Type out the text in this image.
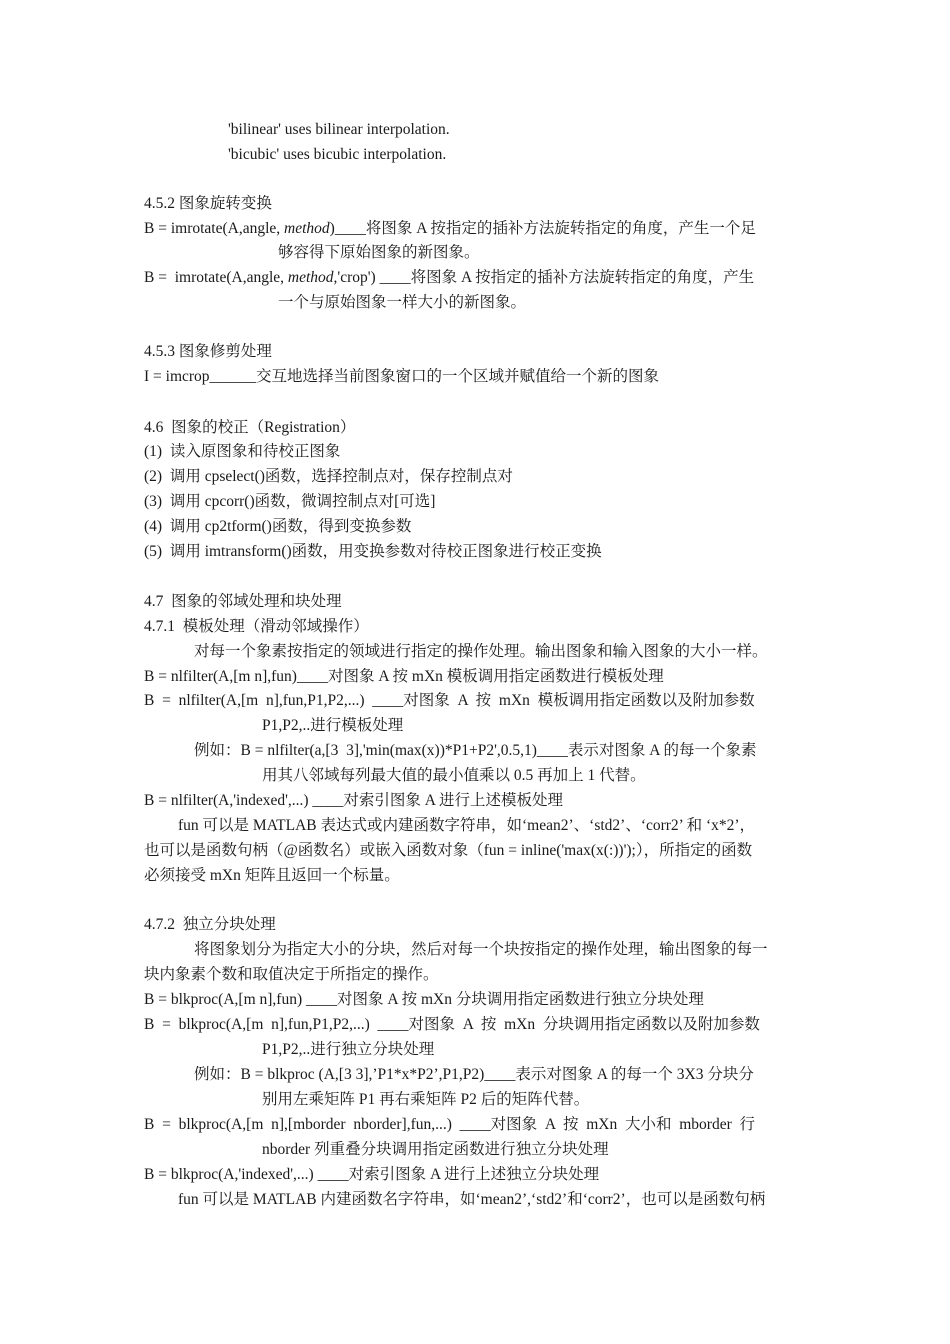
'bilinear' uses bilinear interpolation.
'bicubic' uses bicubic interpolation.
4.5.2 图象旋转变换
B = imrotate(A,angle, method)____将图象 A 按指定的插补方法旋转指定的角度，产生一个足
够容得下原始图象的新图象。
B =  imrotate(A,angle, method,'crop') ____将图象 A 按指定的插补方法旋转指定的角度，产生
一个与原始图象一样大小的新图象。
4.5.3 图象修剪处理
I = imcrop______交互地选择当前图象窗口的一个区域并赋值给一个新的图象
4.6  图象的校正（Registration）
(1)  读入原图象和待校正图象
(2)  调用 cpselect()函数，选择控制点对，保存控制点对
(3)  调用 cpcorr()函数，微调控制点对[可选]
(4)  调用 cp2tform()函数，得到变换参数
(5)  调用 imtransform()函数，用变换参数对待校正图象进行校正变换
4.7  图象的邻域处理和块处理
4.7.1  模板处理（滑动邻域操作）
对每一个象素按指定的领域进行指定的操作处理。输出图象和输入图象的大小一样。
B = nlfilter(A,[m n],fun)____对图象 A 按 mXn 模板调用指定函数进行模板处理
B  =  nlfilter(A,[m  n],fun,P1,P2,...)  ____对图象  A  按  mXn  模板调用指定函数以及附加参数
P1,P2,..进行模板处理
例如：B = nlfilter(a,[3  3],'min(max(x))*P1+P2',0.5,1)____表示对图象 A 的每一个象素
用其八邻域每列最大值的最小值乘以 0.5 再加上 1 代替。
B = nlfilter(A,'indexed',...) ____对索引图象 A 进行上述模板处理
fun 可以是 MATLAB 表达式或内建函数字符串，如‘mean2’、‘std2’、‘corr2’ 和 ‘x*2’，
也可以是函数句柄（@函数名）或嵌入函数对象（fun = inline('max(x(:))');），所指定的函数
必须接受 mXn 矩阵且返回一个标量。
4.7.2  独立分块处理
将图象划分为指定大小的分块，然后对每一个块按指定的操作处理，输出图象的每一
块内象素个数和取值决定于所指定的操作。
B = blkproc(A,[m n],fun) ____对图象 A 按 mXn 分块调用指定函数进行独立分块处理
B  =  blkproc(A,[m  n],fun,P1,P2,...)  ____对图象  A  按  mXn  分块调用指定函数以及附加参数
P1,P2,..进行独立分块处理
例如：B = blkproc (A,[3 3],’P1*x*P2’,P1,P2)____表示对图象 A 的每一个 3X3 分块分
别用左乘矩阵 P1 再右乘矩阵 P2 后的矩阵代替。
B  =  blkproc(A,[m  n],[mborder  nborder],fun,...)  ____对图象  A  按  mXn  大小和  mborder  行
nborder 列重叠分块调用指定函数进行独立分块处理
B = blkproc(A,'indexed',...) ____对索引图象 A 进行上述独立分块处理
fun 可以是 MATLAB 内建函数名字符串，如‘mean2’,‘std2’和‘corr2’，也可以是函数句柄
